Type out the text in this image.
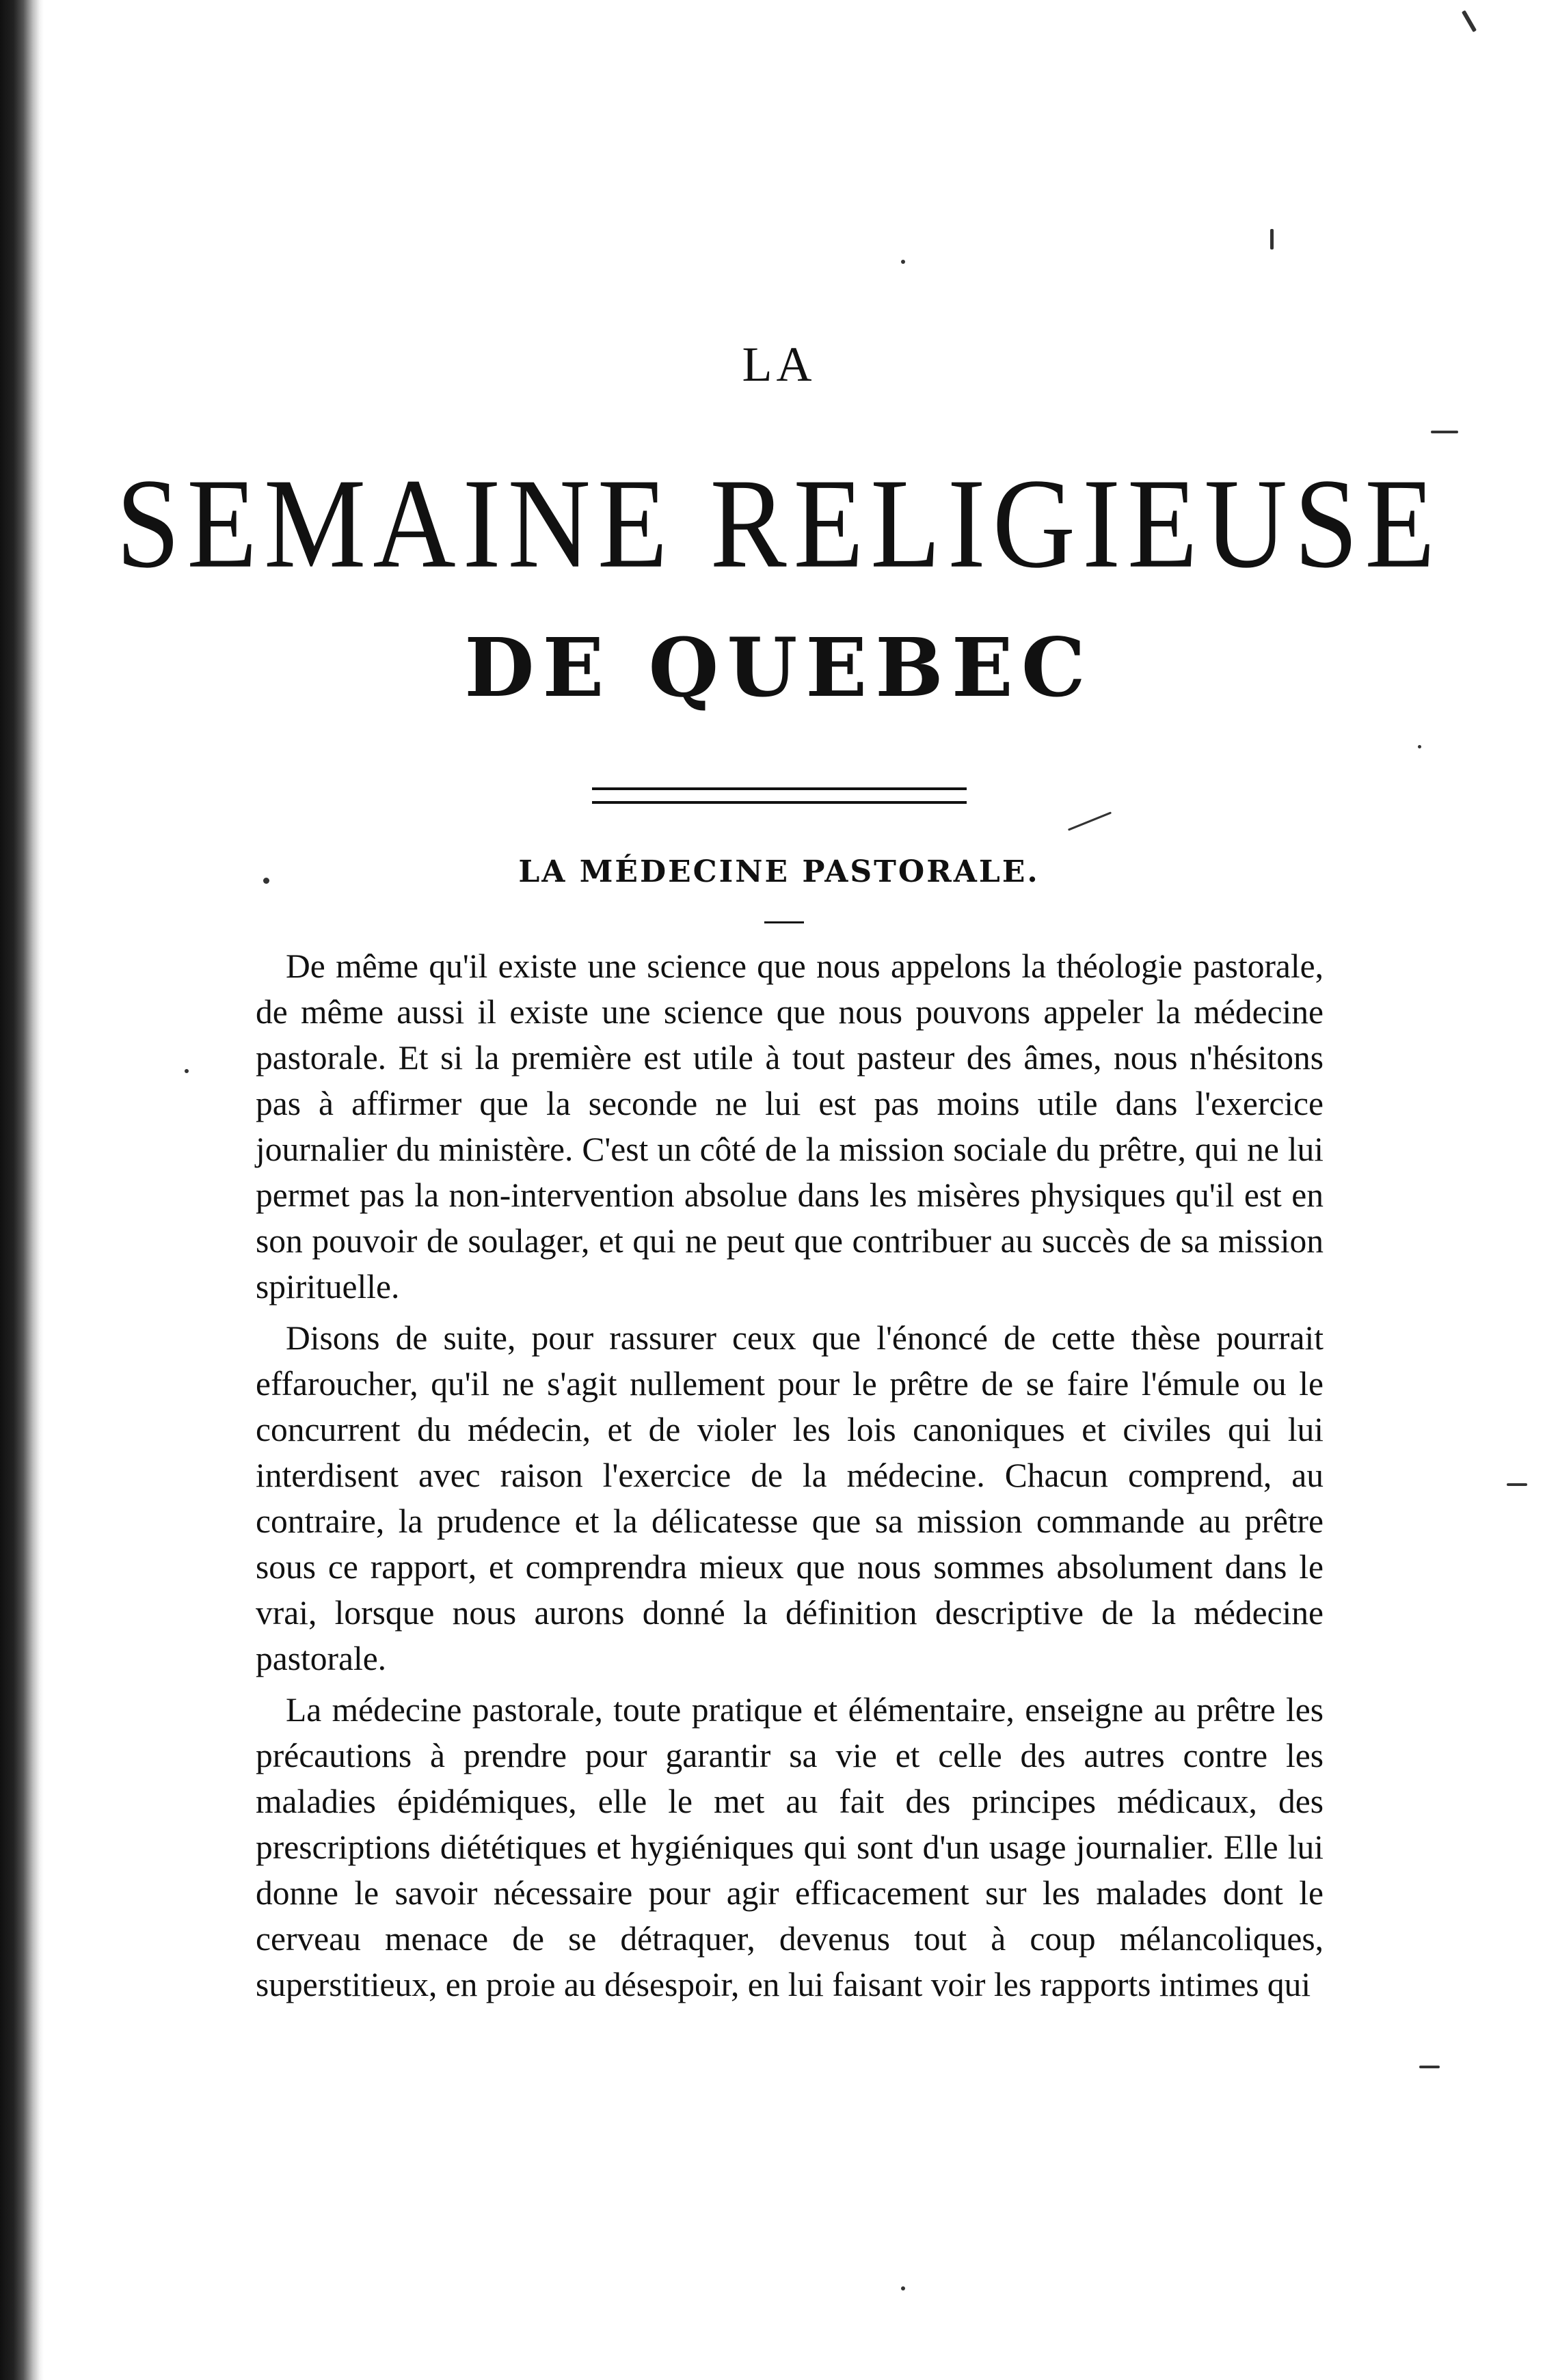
LA
SEMAINE RELIGIEUSE
DE QUEBEC
LA MÉDECINE PASTORALE.

De même qu'il existe une science que nous appelons la théologie pastorale, de même aussi il existe une science que nous pouvons appeler la médecine pastorale. Et si la première est utile à tout pasteur des âmes, nous n'hésitons pas à affirmer que la seconde ne lui est pas moins utile dans l'exercice journalier du ministère. C'est un côté de la mission sociale du prêtre, qui ne lui permet pas la non-intervention absolue dans les misères physiques qu'il est en son pouvoir de soulager, et qui ne peut que contribuer au succès de sa mission spirituelle.

Disons de suite, pour rassurer ceux que l'énoncé de cette thèse pourrait effaroucher, qu'il ne s'agit nullement pour le prêtre de se faire l'émule ou le concurrent du médecin, et de violer les lois canoniques et civiles qui lui interdisent avec raison l'exercice de la médecine. Chacun comprend, au contraire, la prudence et la délicatesse que sa mission commande au prêtre sous ce rapport, et comprendra mieux que nous sommes absolument dans le vrai, lorsque nous aurons donné la définition descriptive de la médecine pastorale.

La médecine pastorale, toute pratique et élémentaire, enseigne au prêtre les précautions à prendre pour garantir sa vie et celle des autres contre les maladies épidémiques, elle le met au fait des principes médicaux, des prescriptions diététiques et hygiéniques qui sont d'un usage journalier. Elle lui donne le savoir nécessaire pour agir efficacement sur les malades dont le cerveau menace de se détraquer, devenus tout à coup mélancoliques, superstitieux, en proie au désespoir, en lui faisant voir les rapports intimes qui
